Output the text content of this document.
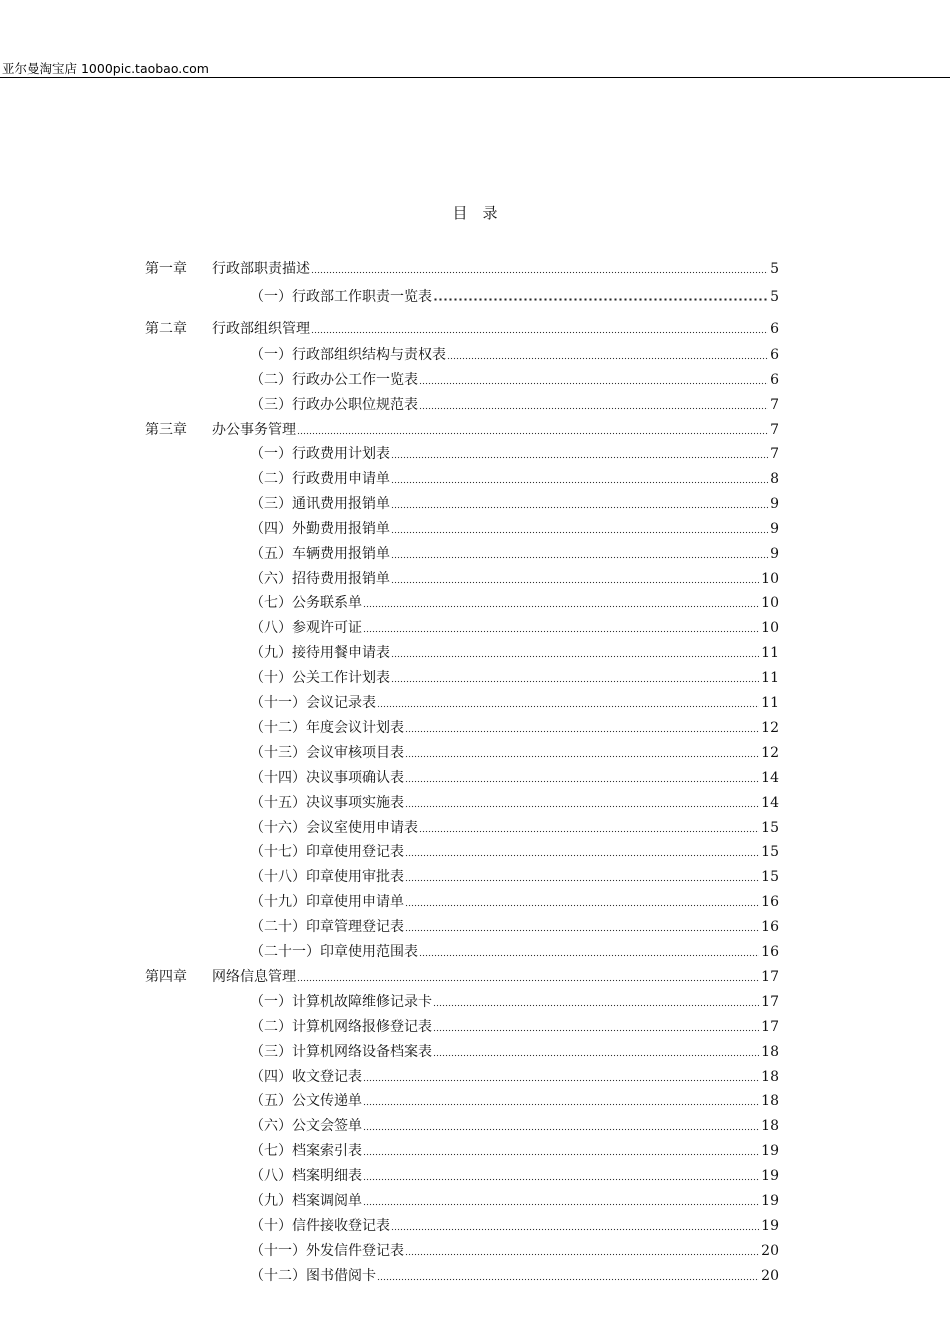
亚尔曼淘宝店 1000pic.taobao.com
目　录
第一章	行政部职责描述	5
（一）行政部工作职责一览表	5
第二章	行政部组织管理	6
（一）行政部组织结构与责权表	6
（二）行政办公工作一览表	6
（三）行政办公职位规范表	7
第三章	办公事务管理	7
（一）行政费用计划表	7
（二）行政费用申请单	8
（三）通讯费用报销单	9
（四）外勤费用报销单	9
（五）车辆费用报销单	9
（六）招待费用报销单	10
（七）公务联系单	10
（八）参观许可证	10
（九）接待用餐申请表	11
（十）公关工作计划表	11
（十一）会议记录表	11
（十二）年度会议计划表	12
（十三）会议审核项目表	12
（十四）决议事项确认表	14
（十五）决议事项实施表	14
（十六）会议室使用申请表	15
（十七）印章使用登记表	15
（十八）印章使用审批表	15
（十九）印章使用申请单	16
（二十）印章管理登记表	16
（二十一）印章使用范围表	16
第四章	网络信息管理	17
（一）计算机故障维修记录卡	17
（二）计算机网络报修登记表	17
（三）计算机网络设备档案表	18
（四）收文登记表	18
（五）公文传递单	18
（六）公文会签单	18
（七）档案索引表	19
（八）档案明细表	19
（九）档案调阅单	19
（十）信件接收登记表	19
（十一）外发信件登记表	20
（十二）图书借阅卡	20
